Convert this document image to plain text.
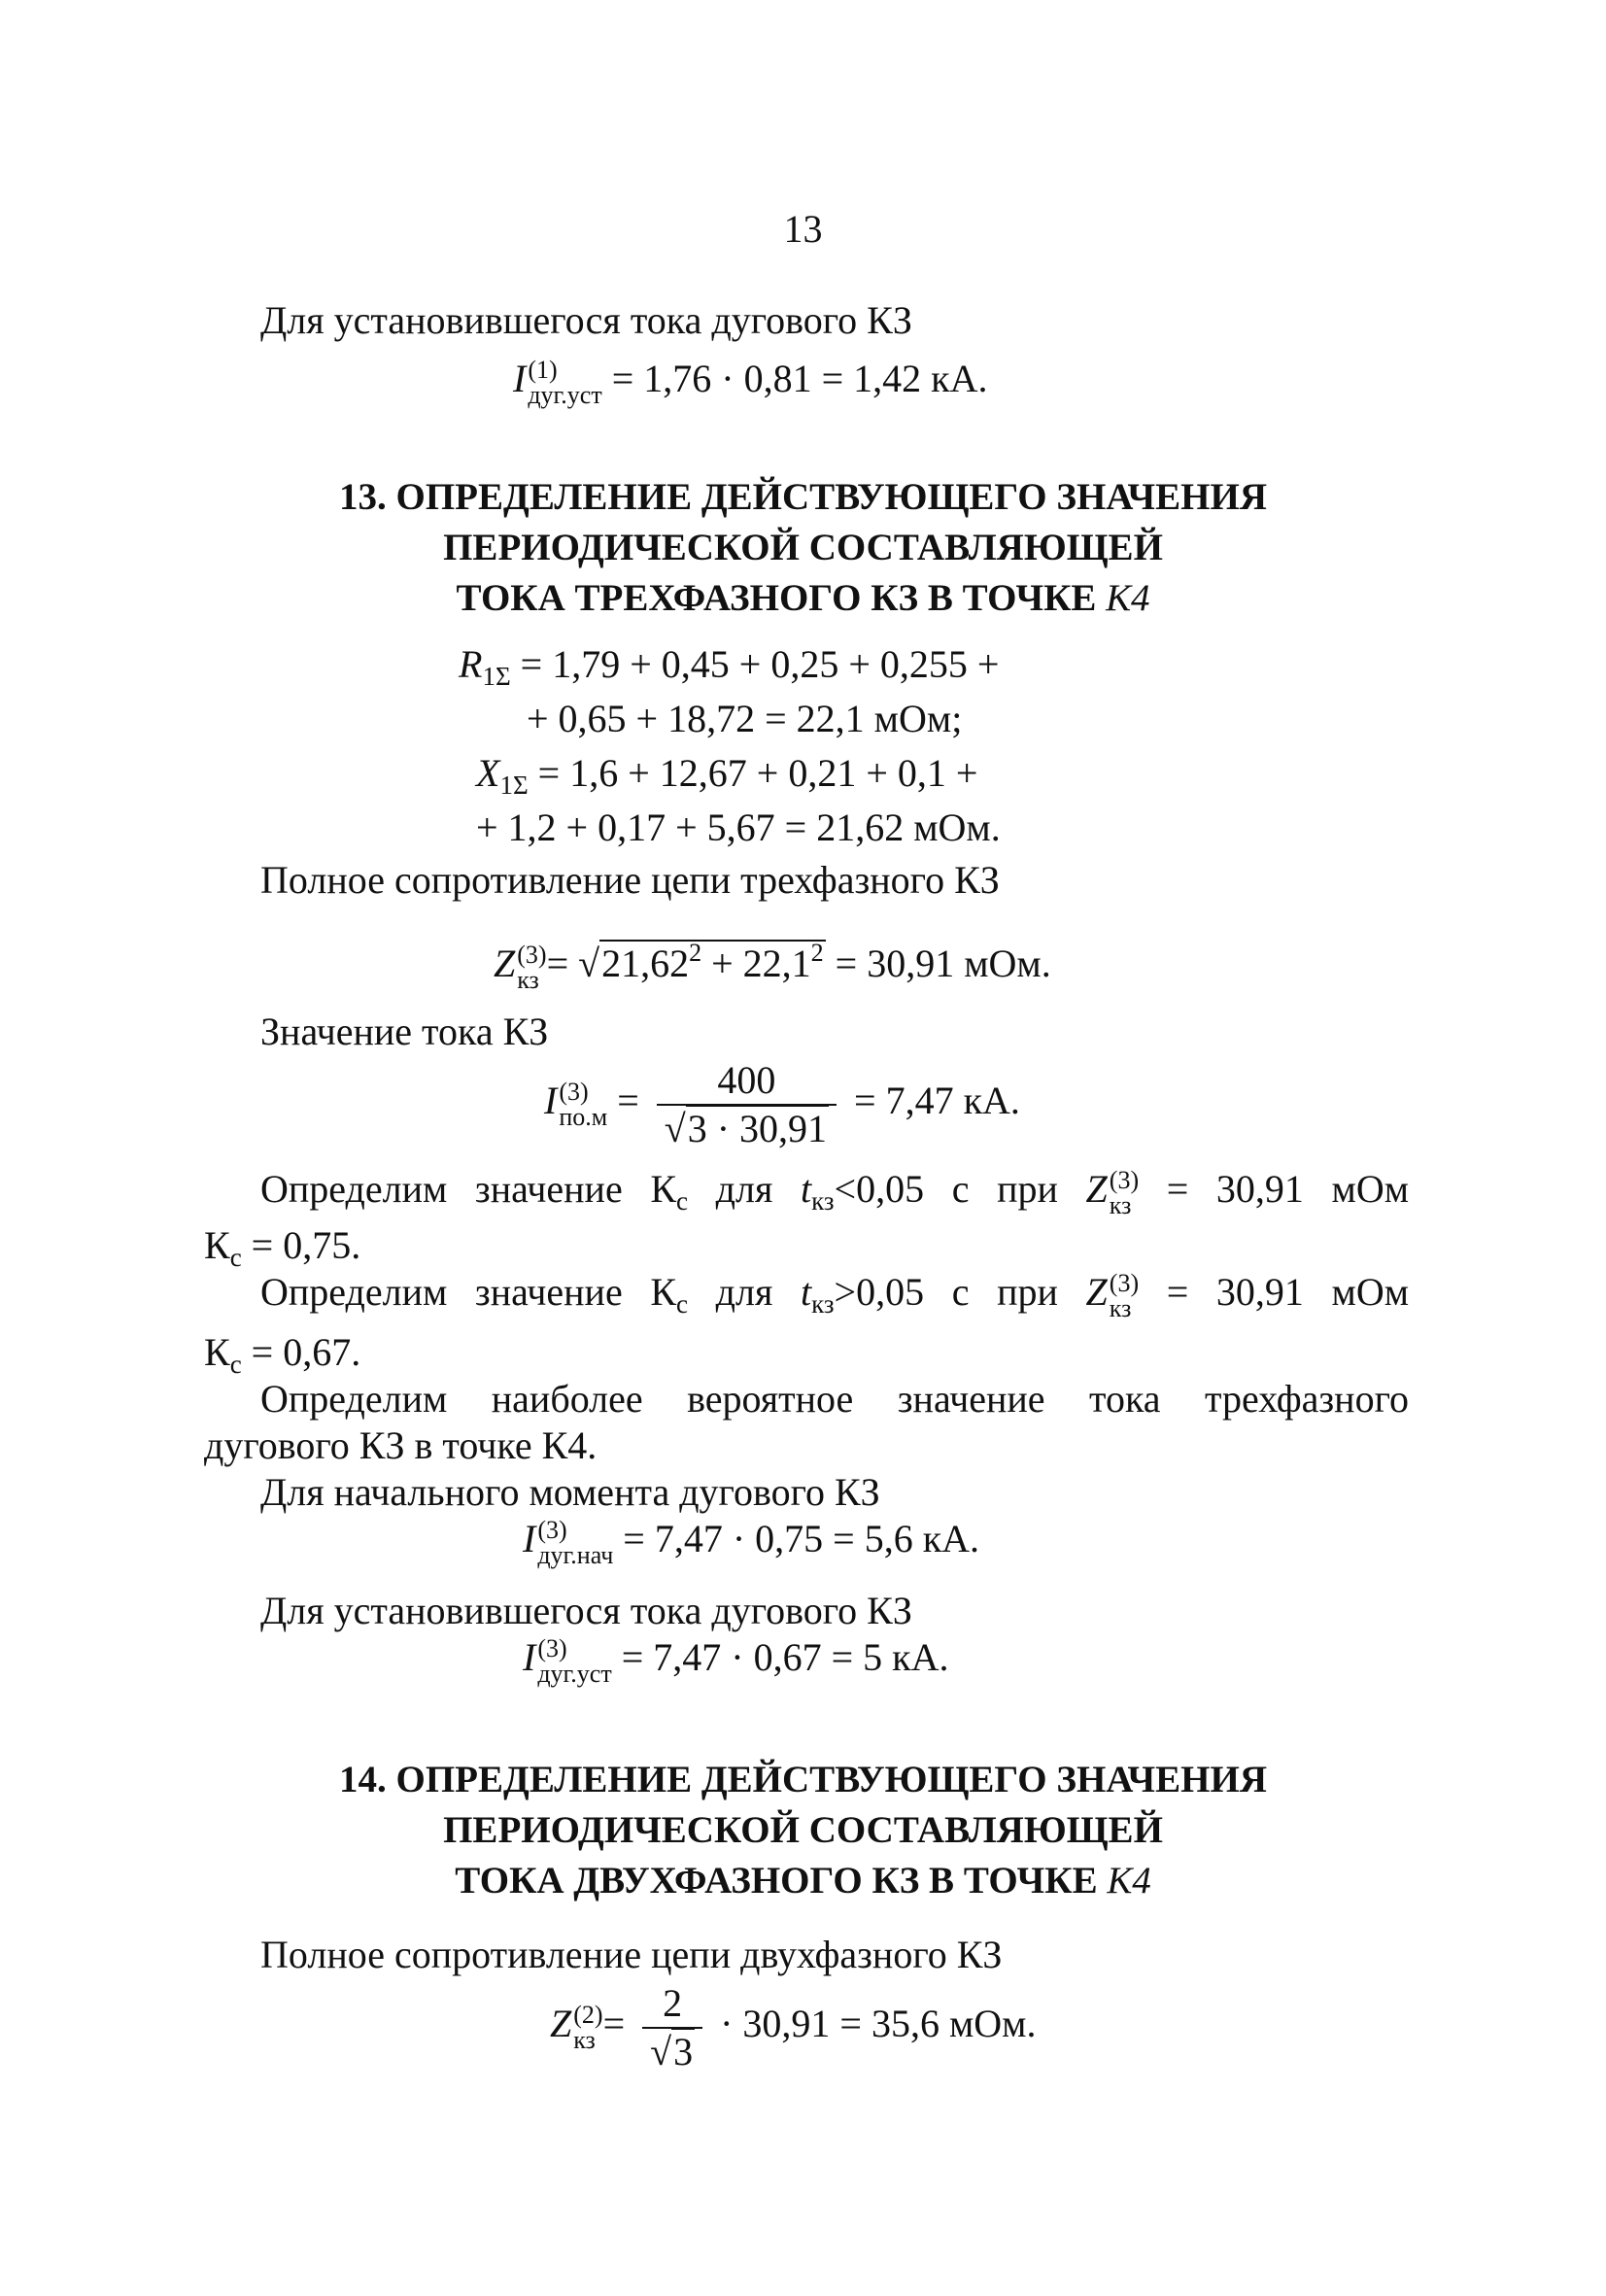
13
Для установившегося тока дугового КЗ
I (1)
дуг.уст = 1,76 · 0,81 = 1,42 кА.
13. ОПРЕДЕЛЕНИЕ ДЕЙСТВУЮЩЕГО ЗНАЧЕНИЯ
ПЕРИОДИЧЕСКОЙ СОСТАВЛЯЮЩЕЙ
ТОКА ТРЕХФАЗНОГО КЗ В ТОЧКЕ К4
$R_{1\Sigma} = 1,79 + 0,45 + 0,25 + 0,255$ +
+ 0,65 + 18,72 = 22,1 мОм;
$X_{1\Sigma} = 1,6 + 12,67 + 0,21 + 0,1$ +
+ 1,2 + 0,17 + 5,67 = 21,62 мОм.
Полное сопротивление цепи трехфазного КЗ
Z (3)
кз = $√21,62^2 + 22,1^2 = 30,91$ мОм.
Значение тока КЗ
I (3)
$по.м = \frac{400}{√3 \cdot 30,91} = 7,47$ кА.
Определим значение $К_с$ для $t_{кз}<0,05$ с при Z (3)
кз = 30,91 мОм
$К_с = 0,75$.
Определим значение $К_с$ для $t_{кз}>0,05$ с при Z (3)
кз = 30,91 мОм
$К_с = 0,67$.
Определим наиболее вероятное значение тока трехфазного
дугового КЗ в точке К4.
Для начального момента дугового КЗ
I (3)
дуг.нач = 7,47 · 0,75 = 5,6 кА.
Для установившегося тока дугового КЗ
I (3)
дуг.уст = 7,47 · 0,67 = 5 кА.
14. ОПРЕДЕЛЕНИЕ ДЕЙСТВУЮЩЕГО ЗНАЧЕНИЯ
ПЕРИОДИЧЕСКОЙ СОСТАВЛЯЮЩЕЙ
ТОКА ДВУХФАЗНОГО КЗ В ТОЧКЕ К4
Полное сопротивление цепи двухфазного КЗ
Z (2)
кз = $\frac{2}{√3} \cdot 30,91 = 35,6$ мОм.
